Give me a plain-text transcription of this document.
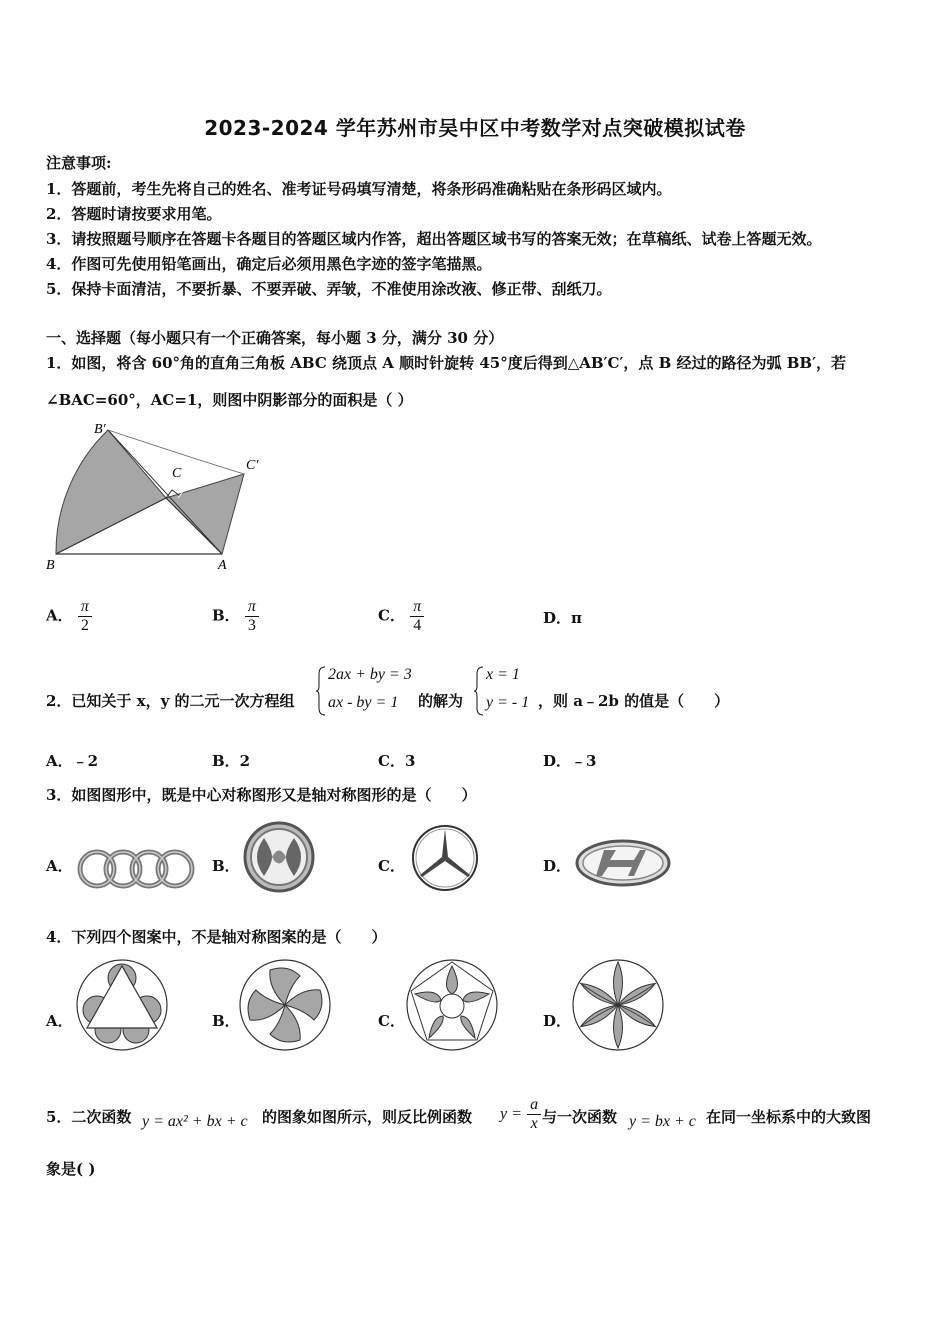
2023-2024 学年苏州市吴中区中考数学对点突破模拟试卷
注意事项:
1．答题前，考生先将自己的姓名、准考证号码填写清楚，将条形码准确粘贴在条形码区域内。
2．答题时请按要求用笔。
3．请按照题号顺序在答题卡各题目的答题区域内作答，超出答题区域书写的答案无效；在草稿纸、试卷上答题无效。
4．作图可先使用铅笔画出，确定后必须用黑色字迹的签字笔描黑。
5．保持卡面清洁，不要折暴、不要弄破、弄皱，不准使用涂改液、修正带、刮纸刀。
一、选择题（每小题只有一个正确答案，每小题 3 分，满分 30 分）
1．如图，将含 60°角的直角三角板 ABC 绕顶点 A 顺时针旋转 45°度后得到△AB′C′，点 B 经过的路径为弧 BB′，若
∠BAC=60°，AC=1，则图中阴影部分的面积是（ ）
B′
C
C′
B	A
A． $\frac{\pi}{2}$	B． $\frac{\pi}{3}$	C． $\frac{\pi}{4}$	D．π
2．已知关于 x，y 的二元一次方程组
2ax + by = 3
ax - by = 1 的解为
x = 1
y = - 1 ，则 a﹣2b 的值是（　　）
A．﹣2	B．2	C．3	D．﹣3
3．如图图形中，既是中心对称图形又是轴对称图形的是（　　）
A．	B．	C．	D．
4．下列四个图案中，不是轴对称图案的是（　　）
A．	B．	C．	D．
5．二次函数 y = ax² + bx + c 的图象如图所示，则反比例函数 $y = \frac{a}{x}$ 与一次函数 y = bx + c 在同一坐标系中的大致图
象是( )
